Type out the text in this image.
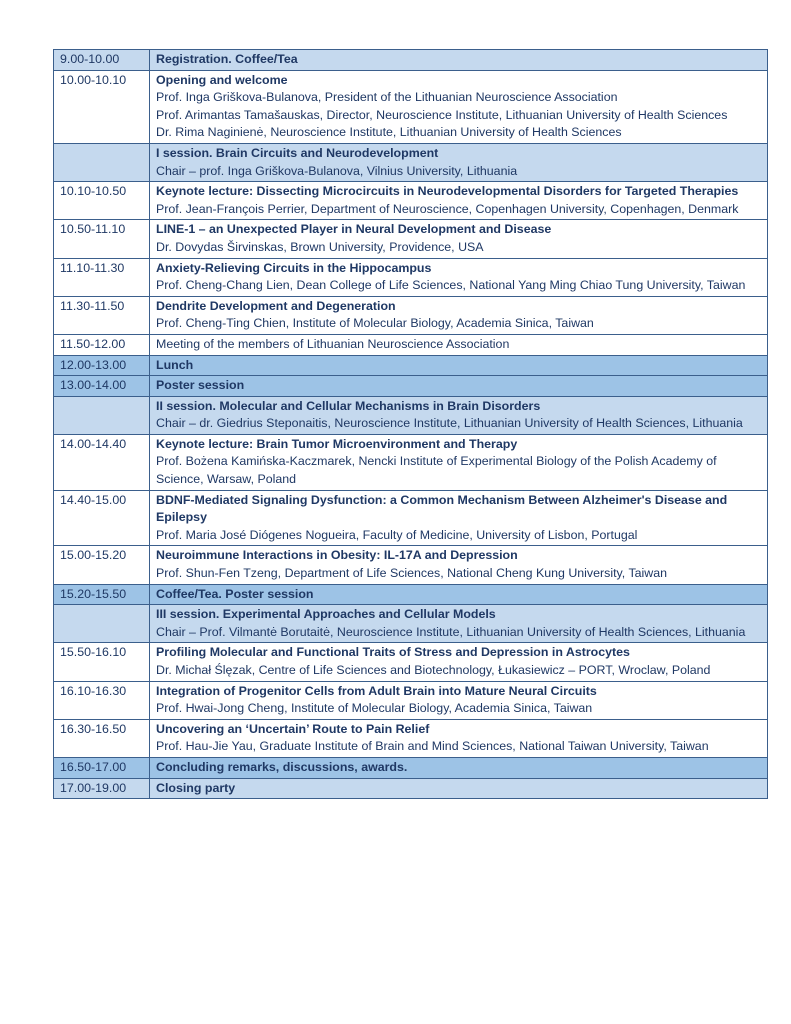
9.00-10.00	Registration. Coffee/Tea

10.00-10.10	Opening and welcome
Prof. Inga Griškova-Bulanova, President of the Lithuanian Neuroscience Association
Prof. Arimantas Tamašauskas, Director, Neuroscience Institute, Lithuanian University of Health Sciences
Dr. Rima Naginienė, Neuroscience Institute, Lithuanian University of Health Sciences

	I session. Brain Circuits and Neurodevelopment
Chair – prof. Inga Griškova-Bulanova, Vilnius University, Lithuania

10.10-10.50	Keynote lecture: Dissecting Microcircuits in Neurodevelopmental Disorders for Targeted Therapies
Prof. Jean-François Perrier, Department of Neuroscience, Copenhagen University, Copenhagen, Denmark

10.50-11.10	LINE-1 – an Unexpected Player in Neural Development and Disease
Dr. Dovydas Širvinskas, Brown University, Providence, USA

11.10-11.30	Anxiety-Relieving Circuits in the Hippocampus
Prof. Cheng-Chang Lien, Dean College of Life Sciences, National Yang Ming Chiao Tung University, Taiwan

11.30-11.50	Dendrite Development and Degeneration
Prof. Cheng-Ting Chien, Institute of Molecular Biology, Academia Sinica, Taiwan

11.50-12.00	Meeting of the members of Lithuanian Neuroscience Association

12.00-13.00	Lunch

13.00-14.00	Poster session

	II session. Molecular and Cellular Mechanisms in Brain Disorders
Chair – dr. Giedrius Steponaitis, Neuroscience Institute, Lithuanian University of Health Sciences, Lithuania

14.00-14.40	Keynote lecture: Brain Tumor Microenvironment and Therapy
Prof. Bożena Kamińska-Kaczmarek, Nencki Institute of Experimental Biology of the Polish Academy of Science, Warsaw, Poland

14.40-15.00	BDNF-Mediated Signaling Dysfunction: a Common Mechanism Between Alzheimer's Disease and Epilepsy
Prof. Maria José Diógenes Nogueira, Faculty of Medicine, University of Lisbon, Portugal

15.00-15.20	Neuroimmune Interactions in Obesity: IL-17A and Depression
Prof. Shun-Fen Tzeng, Department of Life Sciences, National Cheng Kung University, Taiwan

15.20-15.50	Coffee/Tea. Poster session

	III session. Experimental Approaches and Cellular Models
Chair – Prof. Vilmantė Borutaitė, Neuroscience Institute, Lithuanian University of Health Sciences, Lithuania

15.50-16.10	Profiling Molecular and Functional Traits of Stress and Depression in Astrocytes
Dr. Michał Ślęzak, Centre of Life Sciences and Biotechnology, Łukasiewicz – PORT, Wroclaw, Poland

16.10-16.30	Integration of Progenitor Cells from Adult Brain into Mature Neural Circuits
Prof. Hwai-Jong Cheng, Institute of Molecular Biology, Academia Sinica, Taiwan

16.30-16.50	Uncovering an ‘Uncertain’ Route to Pain Relief
Prof. Hau-Jie Yau, Graduate Institute of Brain and Mind Sciences, National Taiwan University, Taiwan

16.50-17.00	Concluding remarks, discussions, awards.

17.00-19.00	Closing party
